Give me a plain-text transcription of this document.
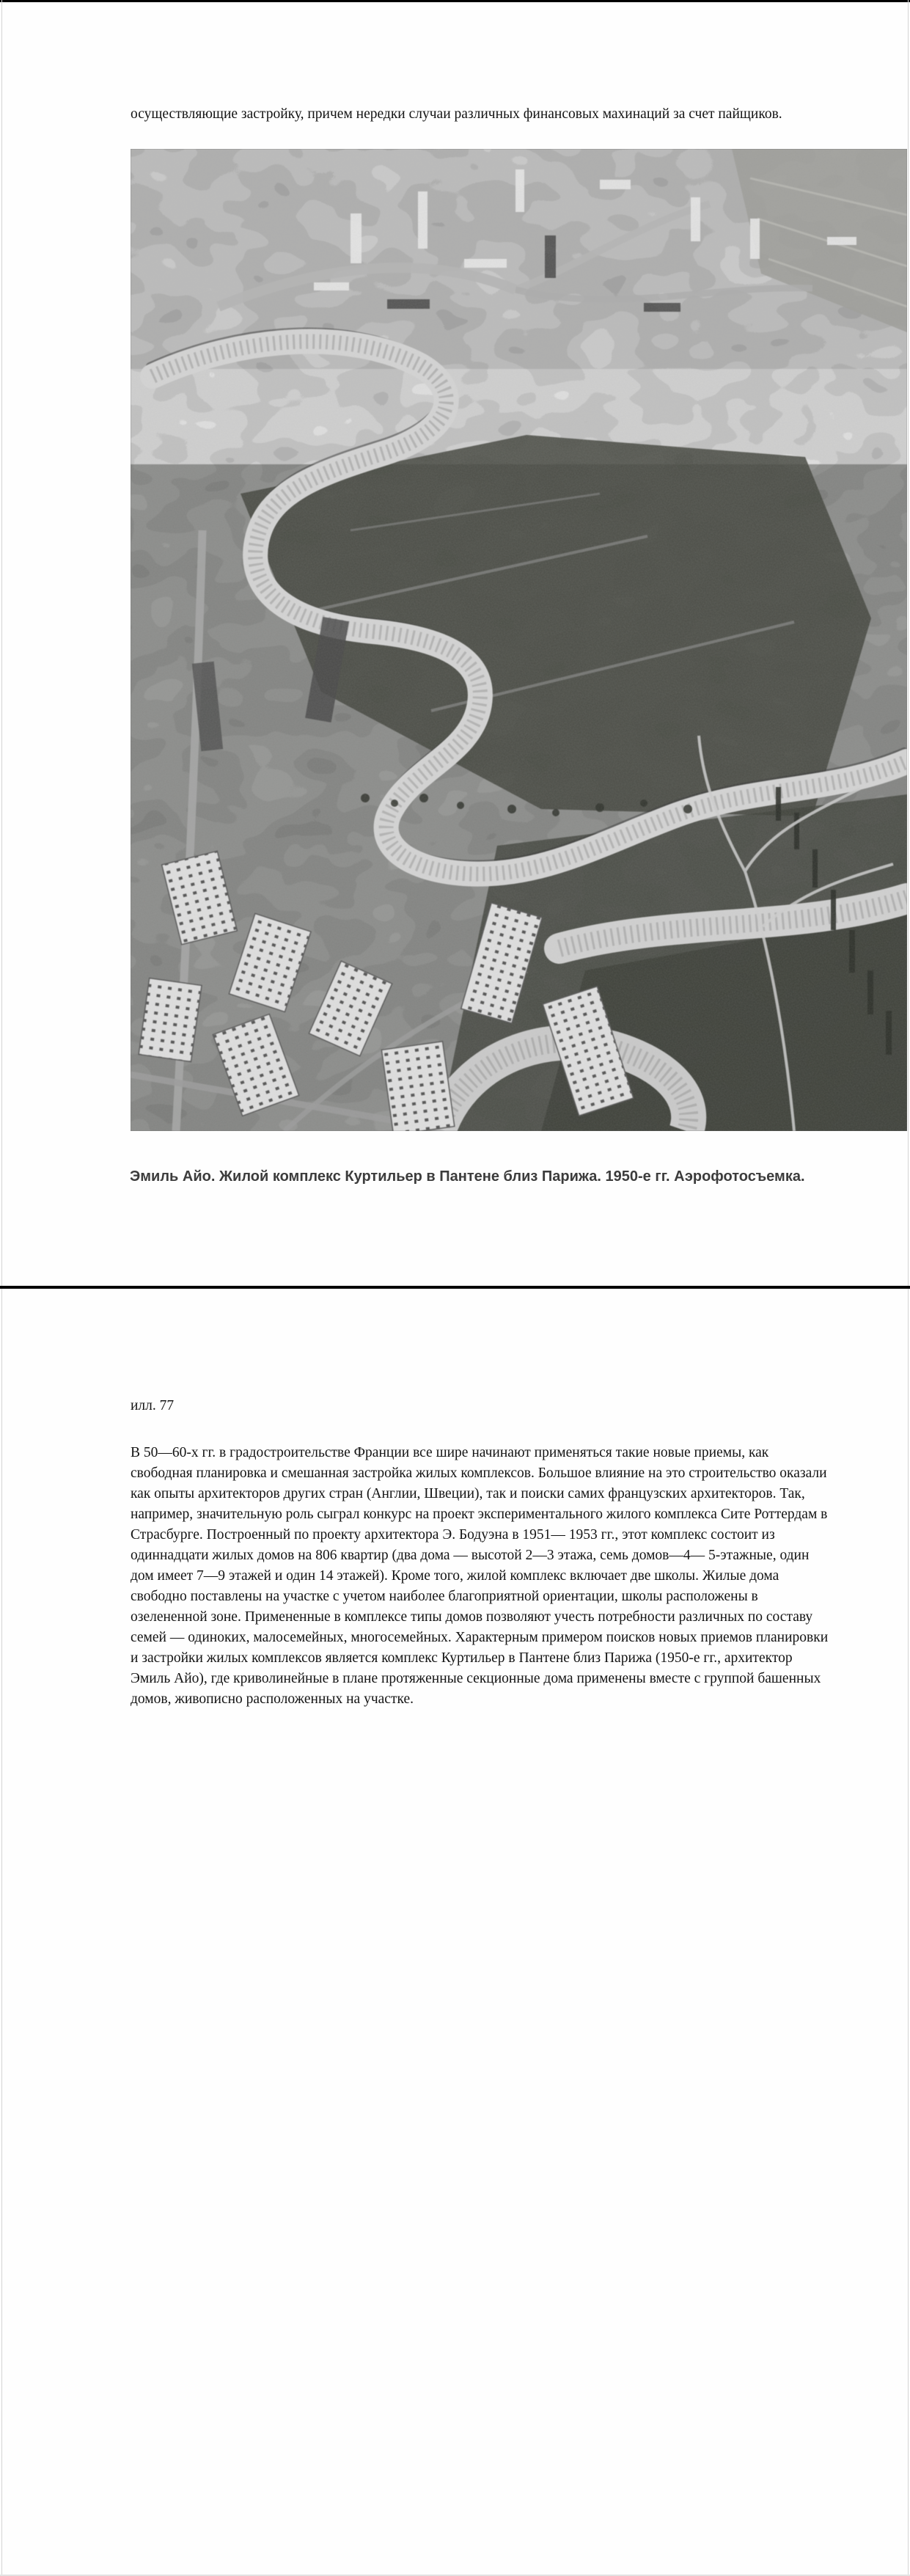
осуществляющие застройку, причем нередки случаи различных финансовых махинаций за счет пайщиков.

Эмиль Айо. Жилой комплекс Куртильер в Пантене близ Парижа. 1950-е гг. Аэрофотосъемка.

илл. 77

В 50—60-х гг. в градостроительстве Франции все шире начинают применяться такие новые приемы, как свободная планировка и смешанная застройка жилых комплексов. Большое влияние на это строительство оказали как опыты архитекторов других стран (Англии, Швеции), так и поиски самих французских архитекторов. Так, например, значительную роль сыграл конкурс на проект экспериментального жилого комплекса Сите Роттердам в Страсбурге. Построенный по проекту архитектора Э. Бодуэна в 1951— 1953 гг., этот комплекс состоит из одиннадцати жилых домов на 806 квартир (два дома — высотой 2—3 этажа, семь домов—4— 5-этажные, один дом имеет 7—9 этажей и один 14 этажей). Кроме того, жилой комплекс включает две школы. Жилые дома свободно поставлены на участке с учетом наиболее благоприятной ориентации, школы расположены в озелененной зоне. Примененные в комплексе типы домов позволяют учесть потребности различных по составу семей — одиноких, малосемейных, многосемейных. Характерным примером поисков новых приемов планировки и застройки жилых комплексов является комплекс Куртильер в Пантене близ Парижа (1950-е гг., архитектор Эмиль Айо), где криволинейные в плане протяженные секционные дома применены вместе с группой башенных домов, живописно расположенных на участке.
